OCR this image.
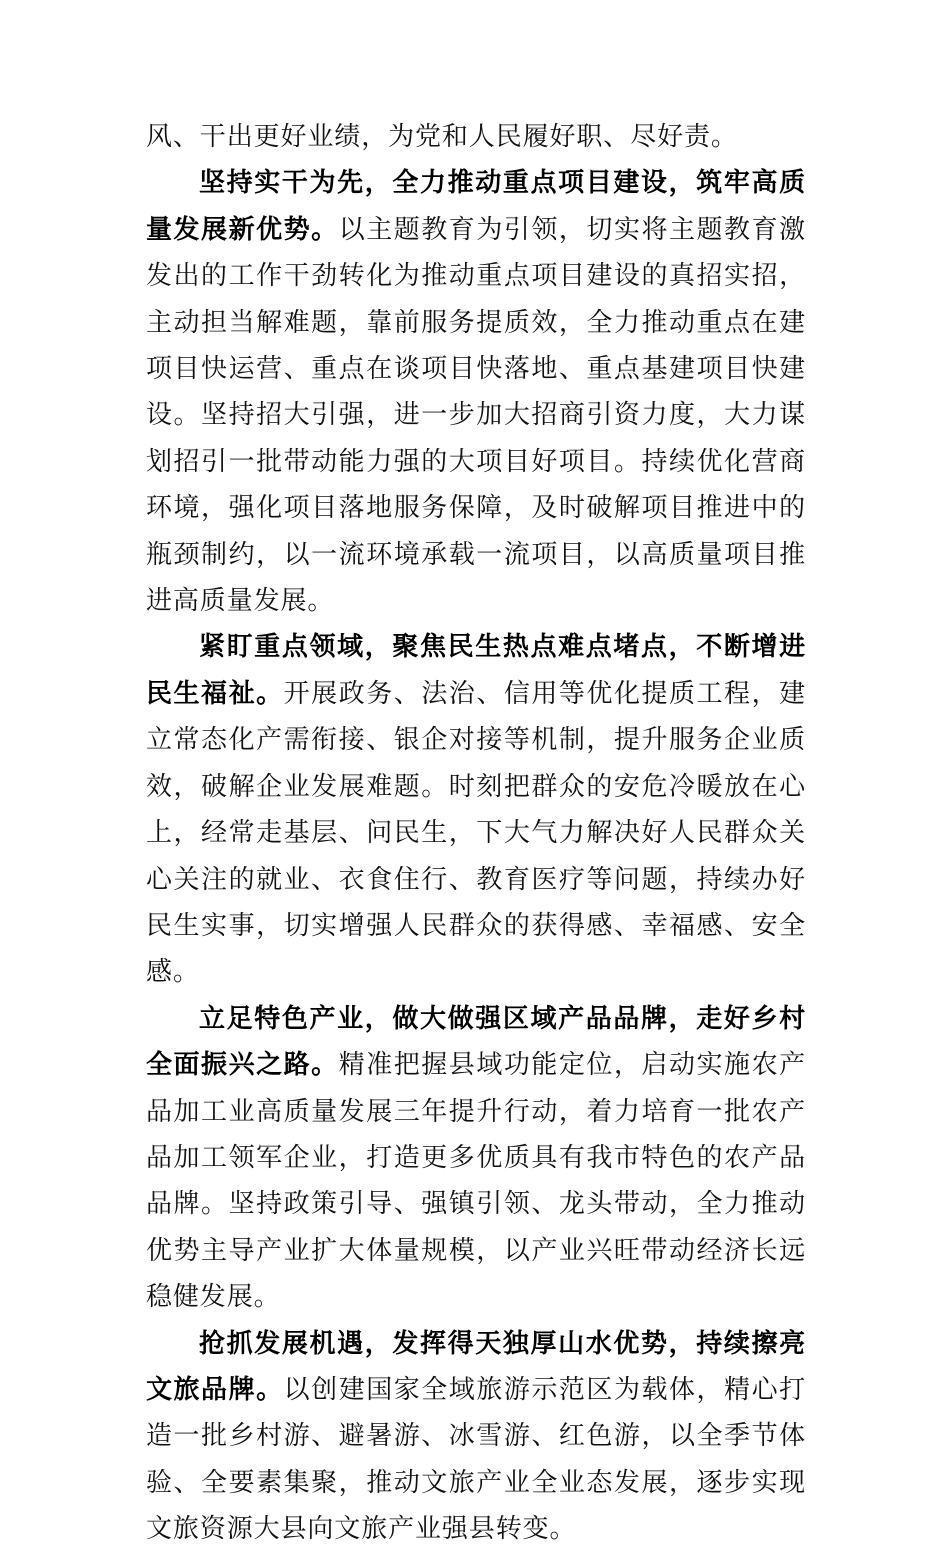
风、干出更好业绩，为党和人民履好职、尽好责。

坚持实干为先，全力推动重点项目建设，筑牢高质量发展新优势。以主题教育为引领，切实将主题教育激发出的工作干劲转化为推动重点项目建设的真招实招，主动担当解难题，靠前服务提质效，全力推动重点在建项目快运营、重点在谈项目快落地、重点基建项目快建设。坚持招大引强，进一步加大招商引资力度，大力谋划招引一批带动能力强的大项目好项目。持续优化营商环境，强化项目落地服务保障，及时破解项目推进中的瓶颈制约，以一流环境承载一流项目，以高质量项目推进高质量发展。

紧盯重点领域，聚焦民生热点难点堵点，不断增进民生福祉。开展政务、法治、信用等优化提质工程，建立常态化产需衔接、银企对接等机制，提升服务企业质效，破解企业发展难题。时刻把群众的安危冷暖放在心上，经常走基层、问民生，下大气力解决好人民群众关心关注的就业、衣食住行、教育医疗等问题，持续办好民生实事，切实增强人民群众的获得感、幸福感、安全感。

立足特色产业，做大做强区域产品品牌，走好乡村全面振兴之路。精准把握县域功能定位，启动实施农产品加工业高质量发展三年提升行动，着力培育一批农产品加工领军企业，打造更多优质具有我市特色的农产品品牌。坚持政策引导、强镇引领、龙头带动，全力推动优势主导产业扩大体量规模，以产业兴旺带动经济长远稳健发展。

抢抓发展机遇，发挥得天独厚山水优势，持续擦亮文旅品牌。以创建国家全域旅游示范区为载体，精心打造一批乡村游、避暑游、冰雪游、红色游，以全季节体验、全要素集聚，推动文旅产业全业态发展，逐步实现文旅资源大县向文旅产业强县转变。
